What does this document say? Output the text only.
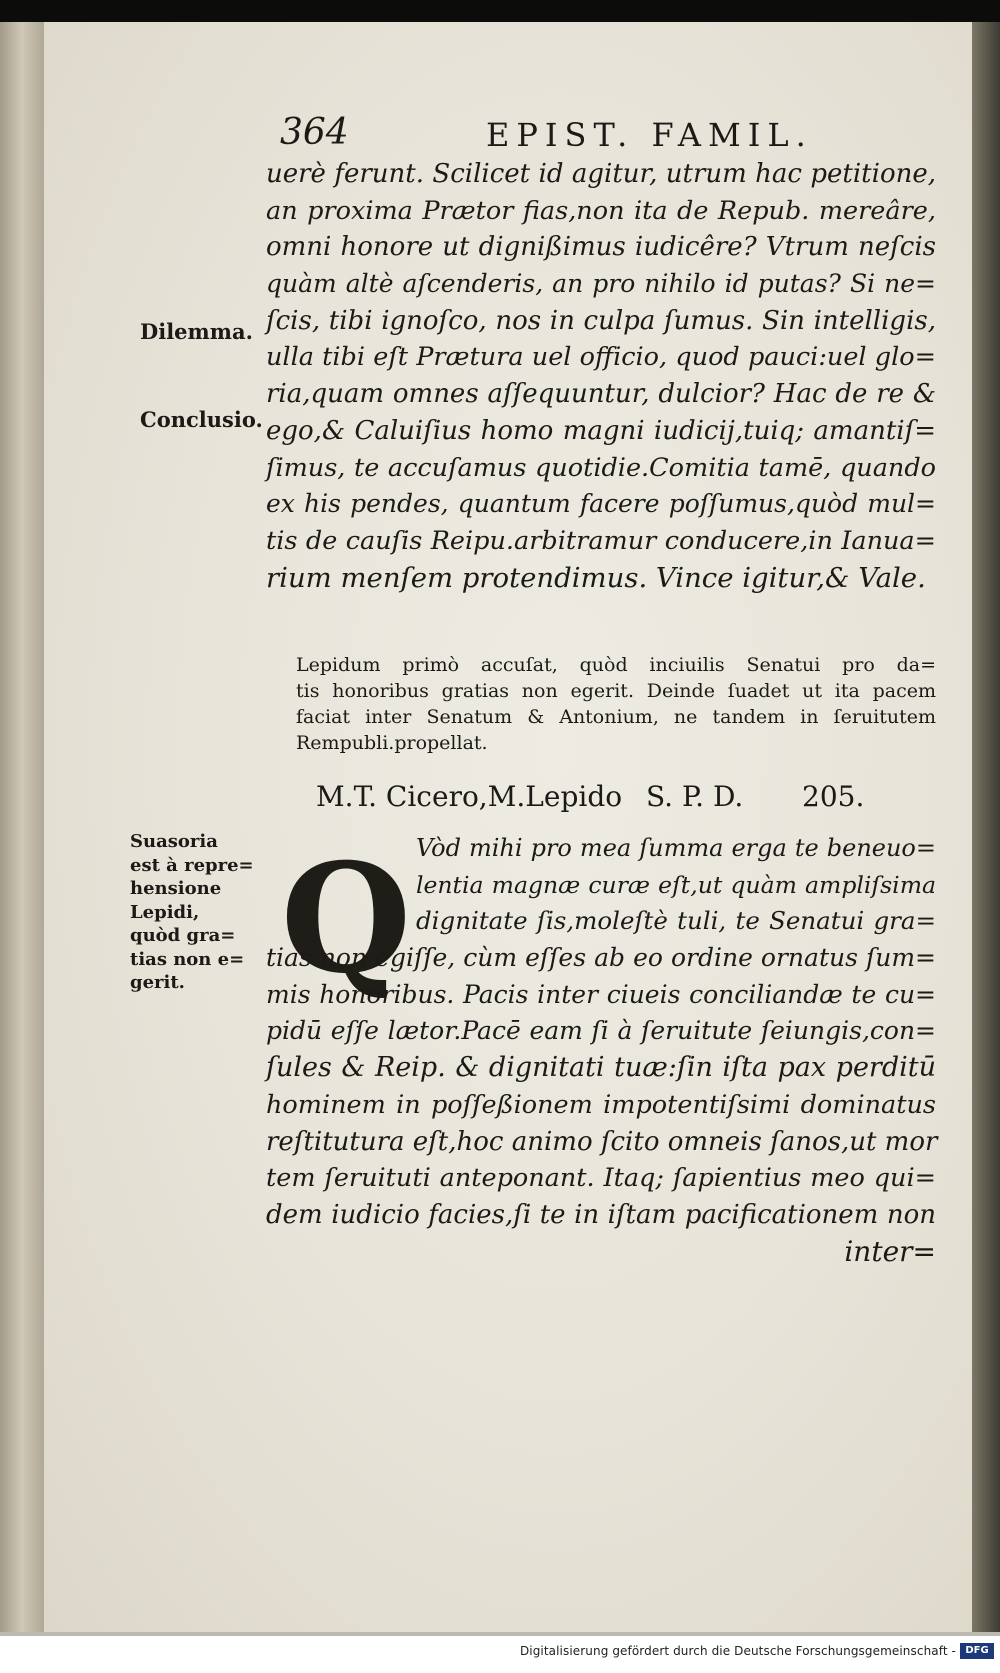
364	EPIST. FAMIL.
uerè ferunt. Scilicet id agitur, utrum hac petitione,
an proxima Prætor fias,non ita de Repub. mereâre,
omni honore ut dignißimus iudicêre? Vtrum neſcis
quàm altè aſcenderis, an pro nihilo id putas? Si ne=
ſcis, tibi ignoſco, nos in culpa ſumus. Sin intelligis,
ulla tibi eſt Prætura uel officio, quod pauci:uel glo=
ria,quam omnes aſſequuntur, dulcior? Hac de re &
ego,& Caluiſius homo magni iudicij,tuiq; amantiſ=
ſimus, te accuſamus quotidie.Comitia tamē, quando
ex his pendes, quantum facere poſſumus,quòd mul=
tis de cauſis Reipu.arbitramur conducere,in Ianua=
rium menſem protendimus. Vince igitur,& Vale.
Dilemma.
Conclusio.
Lepidum primò accuſat, quòd inciuilis Senatui pro da=
tis honoribus gratias non egerit. Deinde ſuadet ut ita pacem
faciat inter Senatum & Antonium, ne tandem in ſeruitutem
Rempubli.propellat.
M.T. Cicero,M.Lepido S. P. D. 205.
Suasoria
est à repre=
hensione
Lepidi,
quòd gra=
tias non e=
gerit. Q Vòd mihi pro mea ſumma erga te beneuo=
lentia magnæ curæ eſt,ut quàm ampliſsima
dignitate ſis,moleſtè tuli, te Senatui gra=
tias non egiſſe, cùm eſſes ab eo ordine ornatus ſum=
mis honoribus. Pacis inter ciueis conciliandæ te cu=
pidū eſſe lætor.Pacē eam ſi à ſeruitute ſeiungis,con=
ſules & Reip. & dignitati tuæ:ſin iſta pax perditū
hominem in poſſeßionem impotentiſsimi dominatus
reſtitutura eſt,hoc animo ſcito omneis ſanos,ut mor
tem ſeruituti anteponant. Itaq; ſapientius meo qui=
dem iudicio facies,ſi te in iſtam pacificationem non
inter=
Digitalisierung gefördert durch die Deutsche Forschungsgemeinschaft - DFG
